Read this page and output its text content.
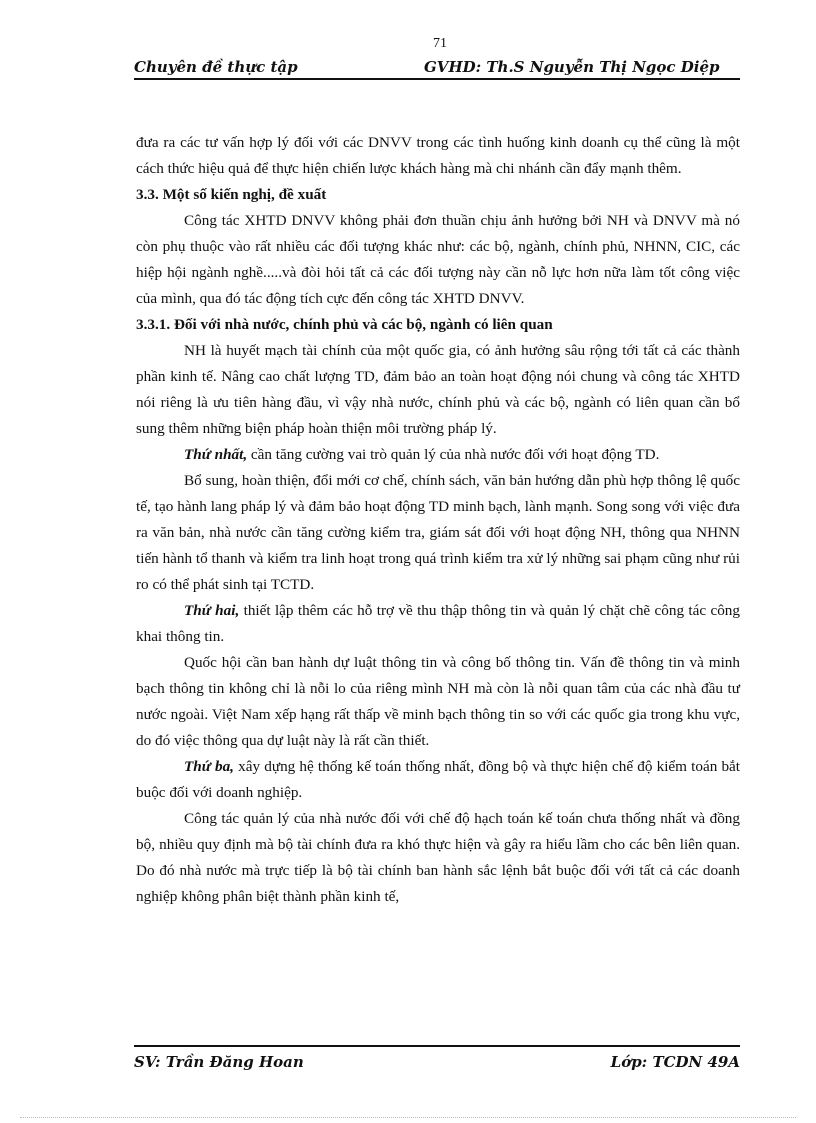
71
Chuyên đề thực tập	GVHD: Th.S Nguyễn Thị Ngọc Diệp

đưa ra các tư vấn hợp lý đối với các DNVV trong các tình huống kinh doanh cụ thể cũng là một cách thức hiệu quả để thực hiện chiến lược khách hàng mà chi nhánh cần đẩy mạnh thêm.

3.3. Một số kiến nghị, đề xuất

Công tác XHTD DNVV không phải đơn thuần chịu ảnh hưởng bởi NH và DNVV mà nó còn phụ thuộc vào rất nhiều các đối tượng khác như: các bộ, ngành, chính phủ, NHNN, CIC, các hiệp hội ngành nghề.....và đòi hỏi tất cả các đối tượng này cần nỗ lực hơn nữa làm tốt công việc của mình, qua đó tác động tích cực đến công tác XHTD DNVV.

3.3.1. Đối với nhà nước, chính phủ và các bộ, ngành có liên quan

NH là huyết mạch tài chính của một quốc gia, có ảnh hưởng sâu rộng tới tất cả các thành phần kinh tế. Nâng cao chất lượng TD, đảm bảo an toàn hoạt động nói chung và công tác XHTD nói riêng là ưu tiên hàng đầu, vì vậy nhà nước, chính phủ và các bộ, ngành có liên quan cần bổ sung thêm những biện pháp hoàn thiện môi trường pháp lý.

Thứ nhất, cần tăng cường vai trò quản lý của nhà nước đối với hoạt động TD.

Bổ sung, hoàn thiện, đổi mới cơ chế, chính sách, văn bản hướng dẫn phù hợp thông lệ quốc tế, tạo hành lang pháp lý và đảm bảo hoạt động TD minh bạch, lành mạnh. Song song với việc đưa ra văn bản, nhà nước cần tăng cường kiểm tra, giám sát đối với hoạt động NH, thông qua NHNN tiến hành tổ thanh và kiểm tra linh hoạt trong quá trình kiểm tra xử lý những sai phạm cũng như rủi ro có thể phát sinh tại TCTD.

Thứ hai, thiết lập thêm các hỗ trợ về thu thập thông tin và quản lý chặt chẽ công tác công khai thông tin.

Quốc hội cần ban hành dự luật thông tin và công bố thông tin. Vấn đề thông tin và minh bạch thông tin không chỉ là nỗi lo của riêng mình NH mà còn là nỗi quan tâm của các nhà đầu tư nước ngoài. Việt Nam xếp hạng rất thấp về minh bạch thông tin so với các quốc gia trong khu vực, do đó việc thông qua dự luật này là rất cần thiết.

Thứ ba, xây dựng hệ thống kế toán thống nhất, đồng bộ và thực hiện chế độ kiểm toán bắt buộc đối với doanh nghiệp.

Công tác quản lý của nhà nước đối với chế độ hạch toán kế toán chưa thống nhất và đồng bộ, nhiều quy định mà bộ tài chính đưa ra khó thực hiện và gây ra hiểu lầm cho các bên liên quan. Do đó nhà nước mà trực tiếp là bộ tài chính ban hành sắc lệnh bắt buộc đối với tất cả các doanh nghiệp không phân biệt thành phần kinh tế,

SV: Trần Đăng Hoan	Lớp: TCDN 49A
